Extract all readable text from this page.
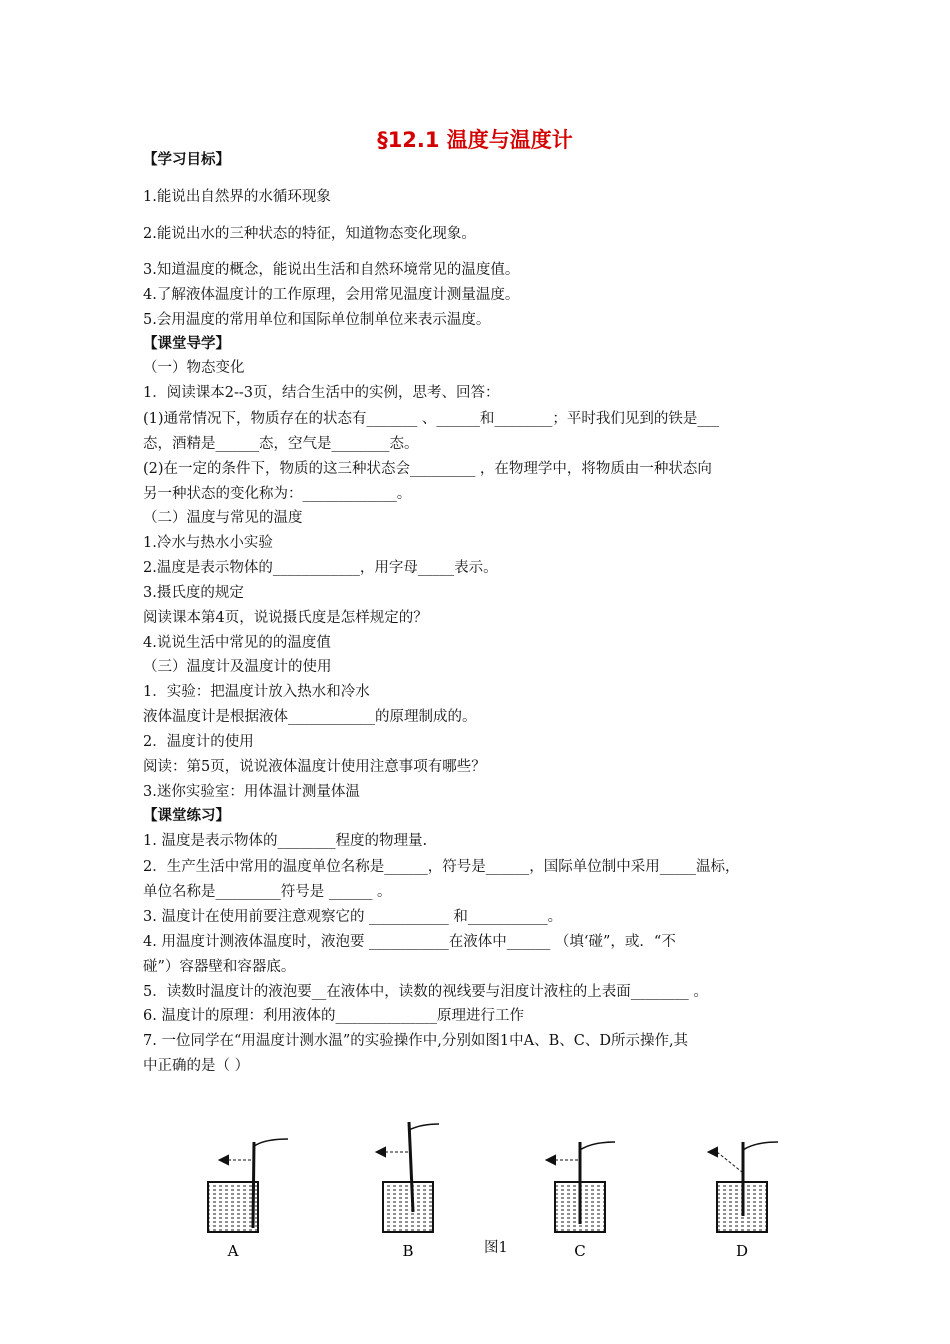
§12.1 温度与温度计
【学习目标】
1.能说出自然界的水循环现象
2.能说出水的三种状态的特征，知道物态变化现象。
3.知道温度的概念，能说出生活和自然环境常见的温度值。
4.了解液体温度计的工作原理，会用常见温度计测量温度。
5.会用温度的常用单位和国际单位制单位来表示温度。
【课堂导学】
（一）物态变化
1．阅读课本2--3页，结合生活中的实例，思考、回答：
(1)通常情况下，物质存在的状态有_______ 、______和________；平时我们见到的铁是___
态，酒精是______态，空气是________态。
(2)在一定的条件下，物质的这三种状态会_________ ，在物理学中，将物质由一种状态向
另一种状态的变化称为：_____________。
（二）温度与常见的温度
1.冷水与热水小实验
2.温度是表示物体的____________，用字母_____表示。
3.摄氏度的规定
阅读课本第4页，说说摄氏度是怎样规定的？
4.说说生活中常见的的温度值
（三）温度计及温度计的使用
1．实验：把温度计放入热水和冷水
液体温度计是根据液体____________的原理制成的。
2．温度计的使用
阅读：第5页，说说液体温度计使用注意事项有哪些？
3.迷你实验室：用体温计测量体温
【课堂练习】
1. 温度是表示物体的________程度的物理量.
2．生产生活中常用的温度单位名称是______，符号是______，国际单位制中采用_____温标，
单位名称是_________符号是 ______ 。
3. 温度计在使用前要注意观察它的 ___________ 和___________。
4. 用温度计测液体温度时，液泡要 ___________在液体中______ （填‘碰”，或．“不
碰”）容器壁和容器底。
5．读数时温度计的液泡要__在液体中，读数的视线要与泪度计液柱的上表面________ 。
6. 温度计的原理：利用液体的______________原理进行工作
7. 一位同学在“用温度计测水温”的实验操作中,分别如图1中A、B、C、D所示操作,其
中正确的是（ ）
A	B	C	D
图1
